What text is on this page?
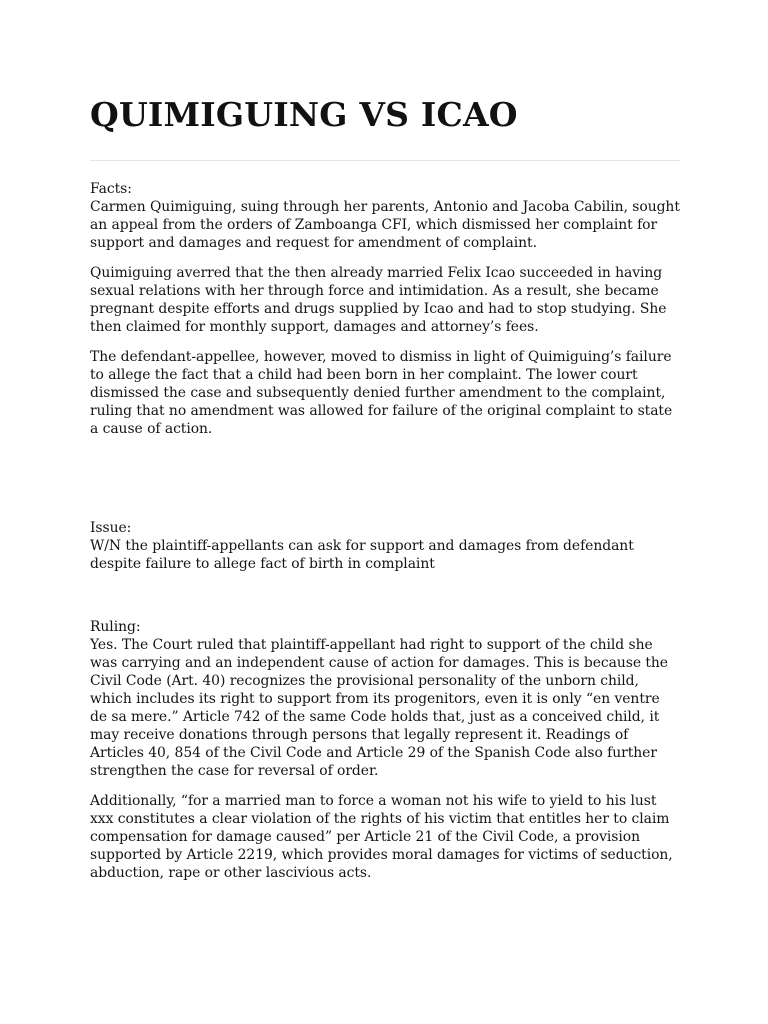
QUIMIGUING VS ICAO

Facts:
Carmen Quimiguing, suing through her parents, Antonio and Jacoba Cabilin, sought an appeal from the orders of Zamboanga CFI, which dismissed her complaint for support and damages and request for amendment of complaint.

Quimiguing averred that the then already married Felix Icao succeeded in having sexual relations with her through force and intimidation. As a result, she became pregnant despite efforts and drugs supplied by Icao and had to stop studying. She then claimed for monthly support, damages and attorney’s fees.

The defendant-appellee, however, moved to dismiss in light of Quimiguing’s failure to allege the fact that a child had been born in her complaint. The lower court dismissed the case and subsequently denied further amendment to the complaint, ruling that no amendment was allowed for failure of the original complaint to state a cause of action.

Issue:
W/N the plaintiff-appellants can ask for support and damages from defendant despite failure to allege fact of birth in complaint

Ruling:
Yes. The Court ruled that plaintiff-appellant had right to support of the child she was carrying and an independent cause of action for damages. This is because the Civil Code (Art. 40) recognizes the provisional personality of the unborn child, which includes its right to support from its progenitors, even it is only “en ventre de sa mere.” Article 742 of the same Code holds that, just as a conceived child, it may receive donations through persons that legally represent it. Readings of Articles 40, 854 of the Civil Code and Article 29 of the Spanish Code also further strengthen the case for reversal of order.

Additionally, “for a married man to force a woman not his wife to yield to his lust xxx constitutes a clear violation of the rights of his victim that entitles her to claim compensation for damage caused” per Article 21 of the Civil Code, a provision supported by Article 2219, which provides moral damages for victims of seduction, abduction, rape or other lascivious acts.
